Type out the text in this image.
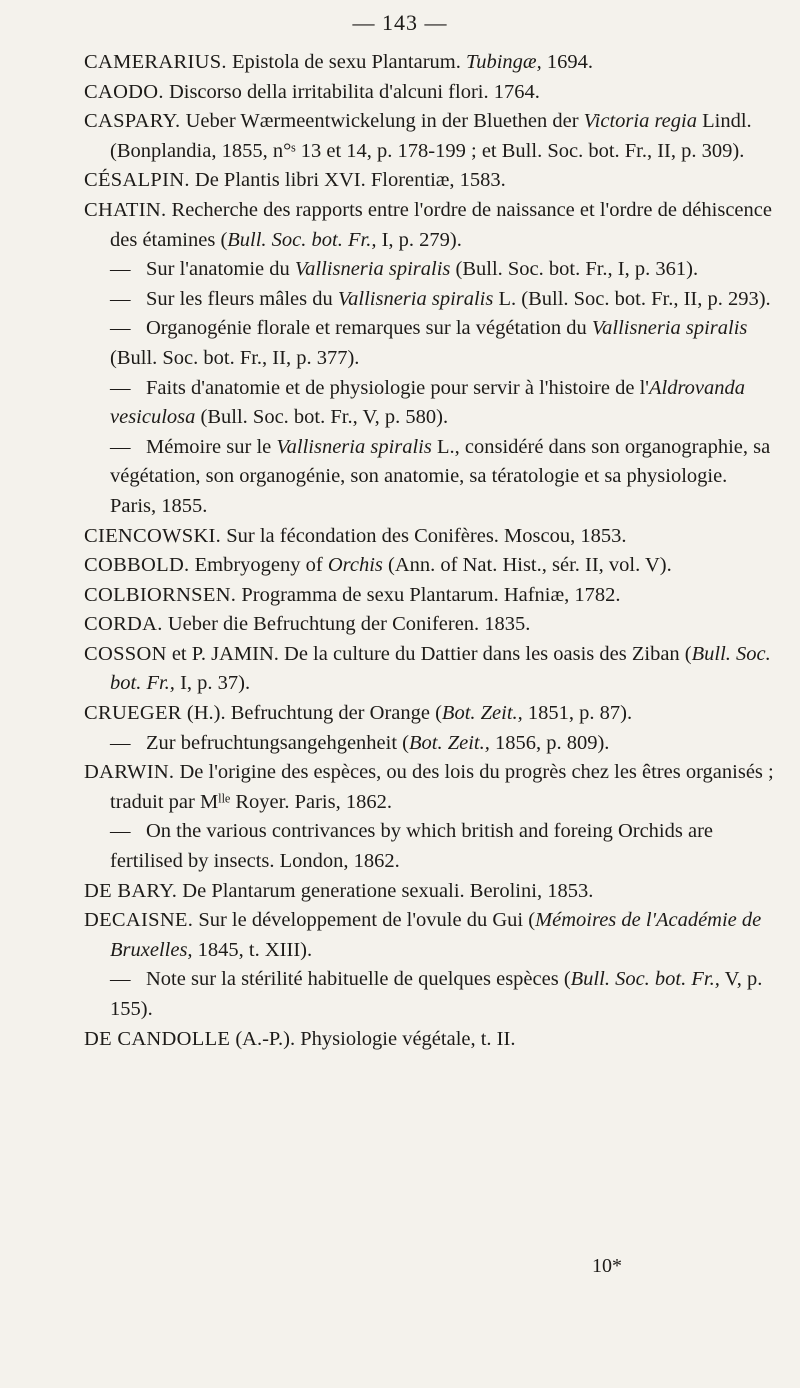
— 143 —

CAMERARIUS. Epistola de sexu Plantarum. Tubingæ, 1694.

CAODO. Discorso della irritabilita d'alcuni flori. 1764.

CASPARY. Ueber Wærmeentwickelung in der Bluethen der Victoria regia Lindl. (Bonplandia, 1855, n°ˢ 13 et 14, p. 178-199 ; et Bull. Soc. bot. Fr., II, p. 309).

CÉSALPIN. De Plantis libri XVI. Florentiæ, 1583.

CHATIN. Recherche des rapports entre l'ordre de naissance et l'ordre de déhiscence des étamines (Bull. Soc. bot. Fr., I, p. 279).

— Sur l'anatomie du Vallisneria spiralis (Bull. Soc. bot. Fr., I, p. 361).

— Sur les fleurs mâles du Vallisneria spiralis L. (Bull. Soc. bot. Fr., II, p. 293).

— Organogénie florale et remarques sur la végétation du Vallisneria spiralis (Bull. Soc. bot. Fr., II, p. 377).

— Faits d'anatomie et de physiologie pour servir à l'histoire de l'Aldrovanda vesiculosa (Bull. Soc. bot. Fr., V, p. 580).

— Mémoire sur le Vallisneria spiralis L., considéré dans son organographie, sa végétation, son organogénie, son anatomie, sa tératologie et sa physiologie. Paris, 1855.

CIENCOWSKI. Sur la fécondation des Conifères. Moscou, 1853.

COBBOLD. Embryogeny of Orchis (Ann. of Nat. Hist., sér. II, vol. V).

COLBIORNSEN. Programma de sexu Plantarum. Hafniæ, 1782.

CORDA. Ueber die Befruchtung der Coniferen. 1835.

COSSON et P. JAMIN. De la culture du Dattier dans les oasis des Ziban (Bull. Soc. bot. Fr., I, p. 37).

CRUEGER (H.). Befruchtung der Orange (Bot. Zeit., 1851, p. 87).

— Zur befruchtungsangehgenheit (Bot. Zeit., 1856, p. 809).

DARWIN. De l'origine des espèces, ou des lois du progrès chez les êtres organisés ; traduit par Mˡˡᵉ Royer. Paris, 1862.

— On the various contrivances by which british and foreing Orchids are fertilised by insects. London, 1862.

DE BARY. De Plantarum generatione sexuali. Berolini, 1853.

DECAISNE. Sur le développement de l'ovule du Gui (Mémoires de l'Académie de Bruxelles, 1845, t. XIII).

— Note sur la stérilité habituelle de quelques espèces (Bull. Soc. bot. Fr., V, p. 155).

DE CANDOLLE (A.-P.). Physiologie végétale, t. II.

10*
